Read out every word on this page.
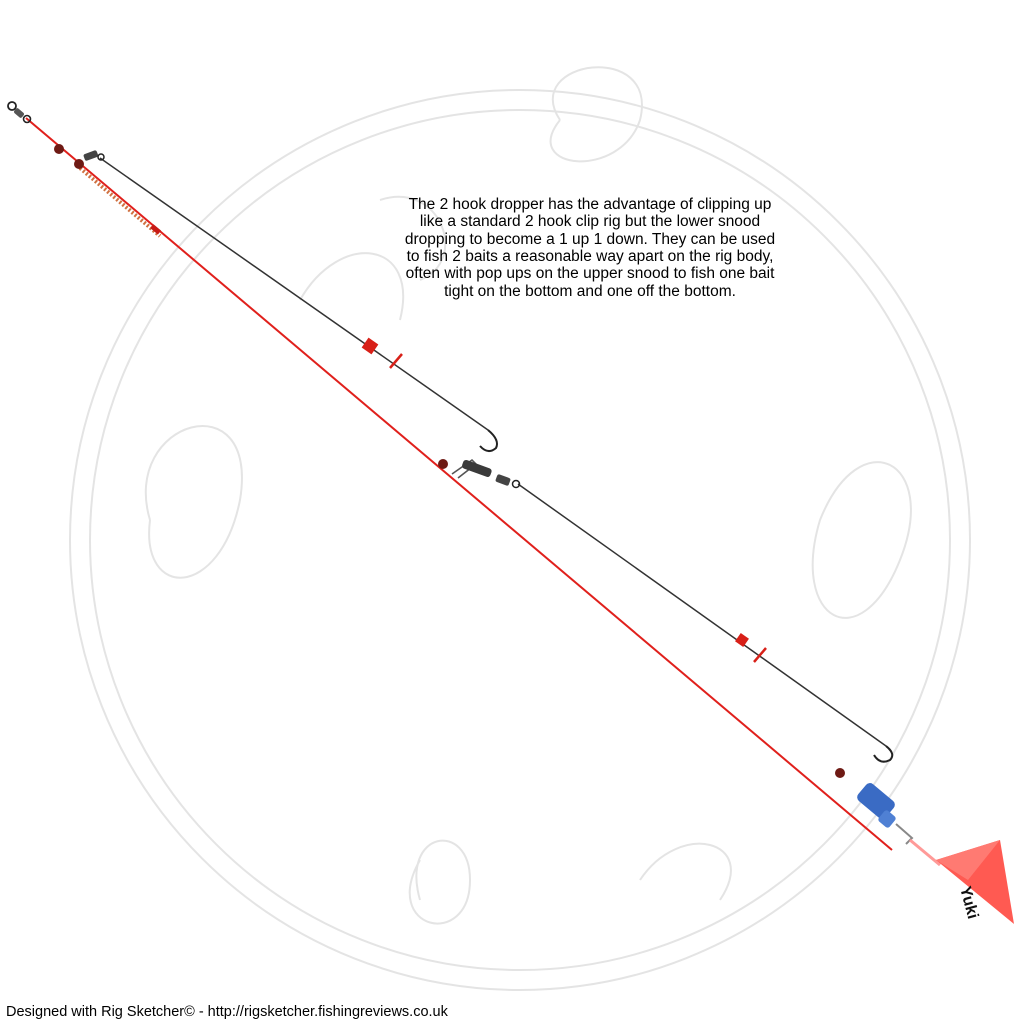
Yuki
The 2 hook dropper has the advantage of clipping up like a standard 2 hook clip rig but the lower snood dropping to become a 1 up 1 down. They can be used to fish 2 baits a reasonable way apart on the rig body, often with pop ups on the upper snood to fish one bait tight on the bottom and one off the bottom.
Designed with Rig Sketcher© - http://rigsketcher.fishingreviews.co.uk
